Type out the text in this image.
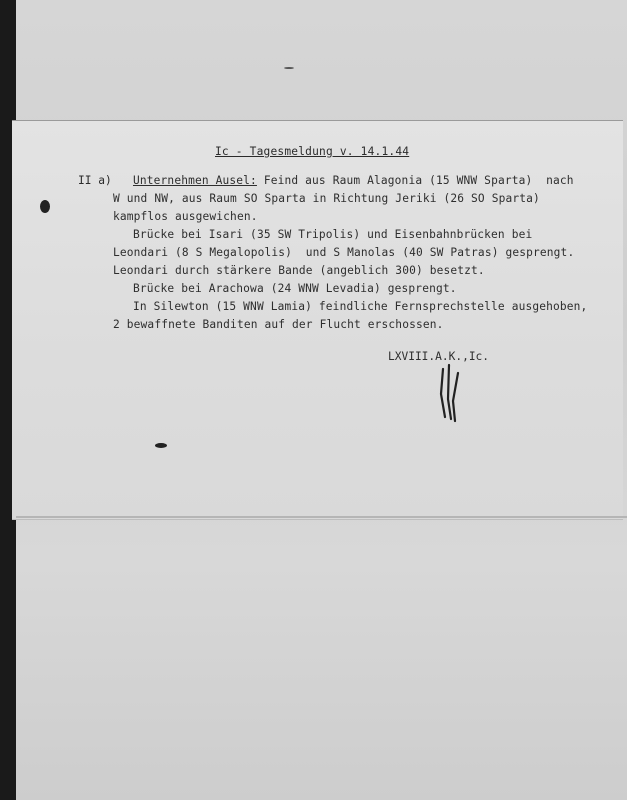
Ic - Tagesmeldung v. 14.1.44
II a) Unternehmen Ausel: Feind aus Raum Alagonia (15 WNW Sparta)  nach
W und NW, aus Raum SO Sparta in Richtung Jeriki (26 SO Sparta)
kampflos ausgewichen.
Brücke bei Isari (35 SW Tripolis) und Eisenbahnbrücken bei
Leondari (8 S Megalopolis)  und S Manolas (40 SW Patras) gesprengt.
Leondari durch stärkere Bande (angeblich 300) besetzt.
Brücke bei Arachowa (24 WNW Levadia) gesprengt.
In Silewton (15 WNW Lamia) feindliche Fernsprechstelle ausgehoben,
2 bewaffnete Banditen auf der Flucht erschossen.
LXVIII.A.K.,Ic.
